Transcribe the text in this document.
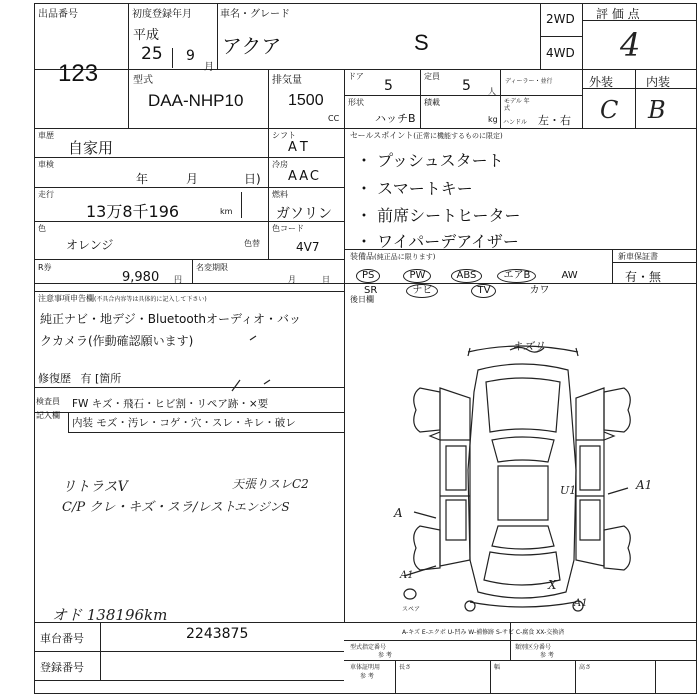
出品番号
123
初度登録年月
平成
25 9
月
車名・グレード
アクア	S
2WD
4WD
評 価 点
4
外装	内装
C B
型式
DAA-NHP10
排気量
1500
CC
ドア
5
定員
5 人
ディーラー・並行
形状
ハッチB
積載
kg
モデル 年式
ハンドル 左・右
車歴
自家用
シフト
AT
車検
年	月	日)
冷房
AAC
走行
13万8千196	km
燃料
ガソリン
色
オレンジ	色替
色コード
4V7
R券
9,980 円
名変期限
月	日
セールスポイント(正常に機能するものに限定)
・ プッシュスタート
・ スマートキー
・ 前席シートヒーター
・ ワイパーデアイザー
装備品(純正品に限ります)
PS	PW	ABS	エアB	AW
SR	ナビ	TV	カワ
新車保証書
有・無
注意事項申告欄(不具合内容等は具体的に記入して下さい)
純正ナビ・地デジ・Bluetoothオーディオ・バッ
クカメラ(作動確認願います)
修復歴 有 [箇所
検査員
記入欄
FW キズ・飛石・ヒビ割・リペア跡・×要
内装 モズ・汚レ・コゲ・穴・スレ・キレ・破レ
後日欄
リトラスV
C/P クレ・キズ・スラ/レスト
天張りスレC2
エンジンS
オド 138196km
キズリ
U1	A1
A
A1
X
A1
スペア
A-キズ E-エクボ U-凹み W-補修跡 S-サビ C-腐食 XX-交換済
車台番号	2243875
登録番号
型式指定番号
参 考
類別区分番号
参 考
車体証明用
参 考
長さ	幅	高さ
